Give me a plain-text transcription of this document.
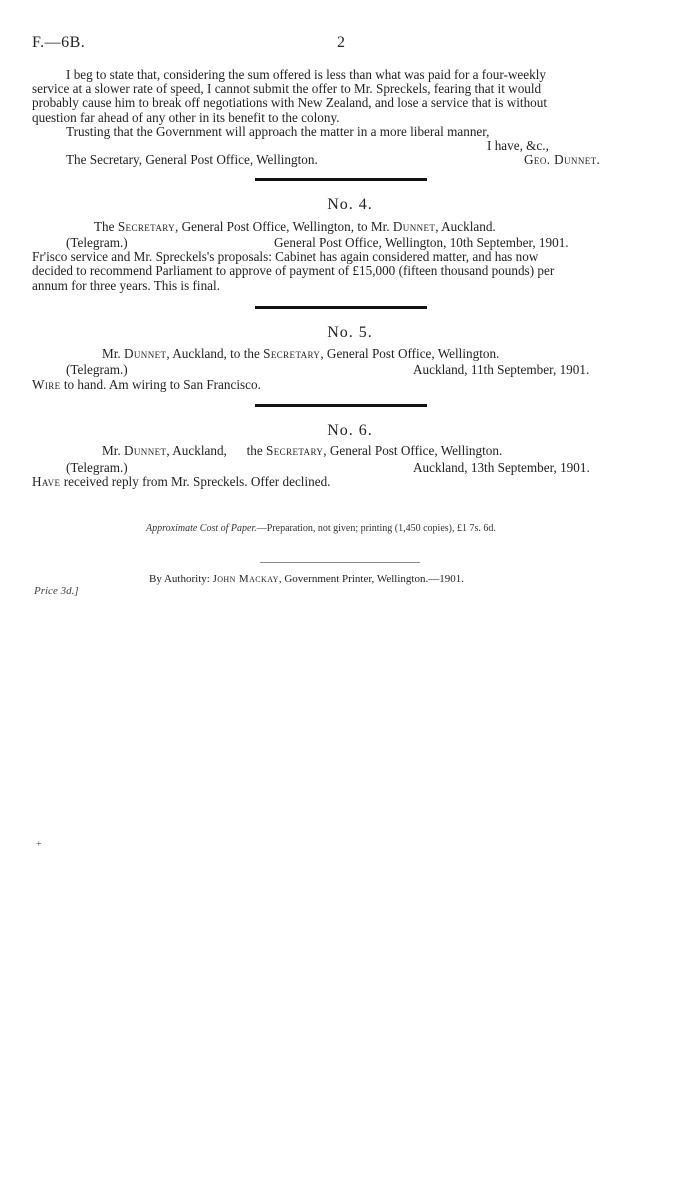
F.—6B.	2
I beg to state that, considering the sum offered is less than what was paid for a four-weekly
service at a slower rate of speed, I cannot submit the offer to Mr. Spreckels, fearing that it would
probably cause him to break off negotiations with New Zealand, and lose a service that is without
question far ahead of any other in its benefit to the colony.
Trusting that the Government will approach the matter in a more liberal manner,
I have, &c.,
The Secretary, General Post Office, Wellington.	Geo. Dunnet.
No. 4.
The Secretary, General Post Office, Wellington, to Mr. Dunnet, Auckland.
(Telegram.)	General Post Office, Wellington, 10th September, 1901.
Fr'isco service and Mr. Spreckels's proposals: Cabinet has again considered matter, and has now
decided to recommend Parliament to approve of payment of £15,000 (fifteen thousand pounds) per
annum for three years. This is final.
No. 5.
Mr. Dunnet, Auckland, to the Secretary, General Post Office, Wellington.
(Telegram.)	Auckland, 11th September, 1901.
Wire to hand. Am wiring to San Francisco.
No. 6.
Mr. Dunnet, Auckland,      the Secretary, General Post Office, Wellington.
(Telegram.)	Auckland, 13th September, 1901.
Have received reply from Mr. Spreckels. Offer declined.
Approximate Cost of Paper.—Preparation, not given; printing (1,450 copies), £1 7s. 6d.
By Authority: John Mackay, Government Printer, Wellington.—1901.
Price 3d.]
+
